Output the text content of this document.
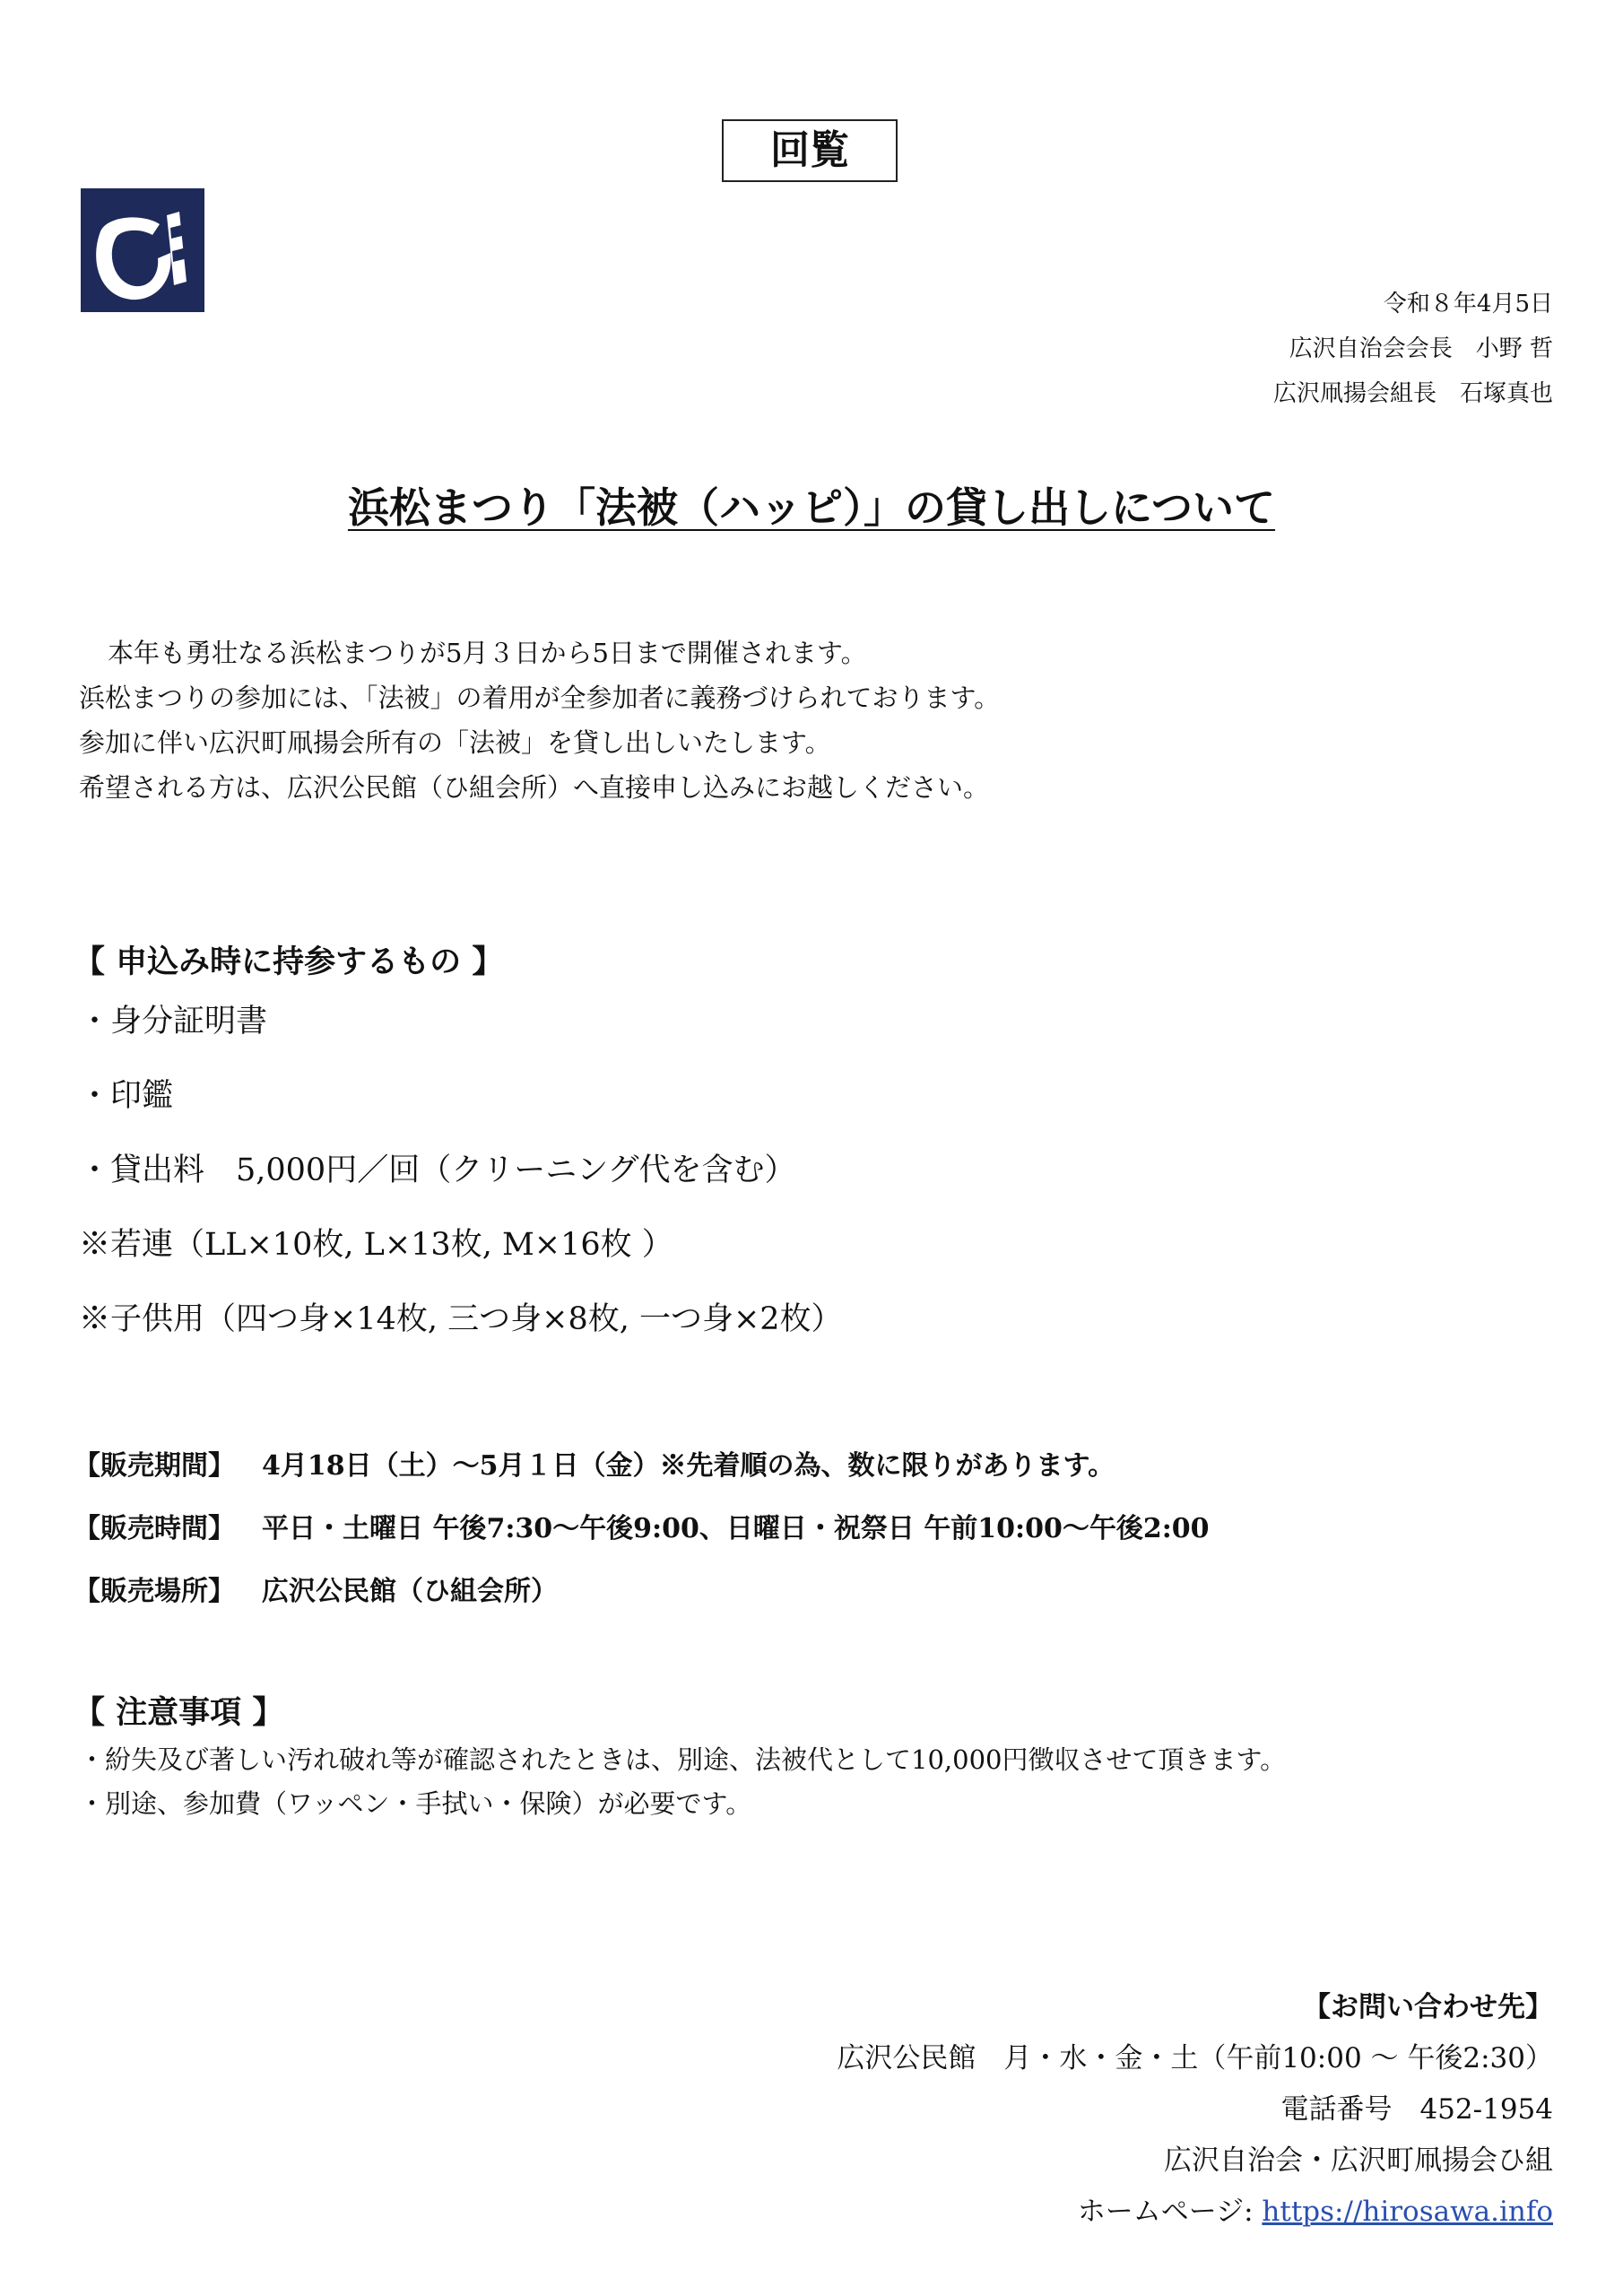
回覧
令和８年4月5日
広沢自治会会長　小野 哲
広沢凧揚会組長　石塚真也
浜松まつり「法被（ハッピ）」の貸し出しについて

本年も勇壮なる浜松まつりが5月３日から5日まで開催されます。

浜松まつりの参加には、「法被」の着用が全参加者に義務づけられております。

参加に伴い広沢町凧揚会所有の「法被」を貸し出しいたします。

希望される方は、広沢公民館（ひ組会所）へ直接申し込みにお越しください。

【 申込み時に持参するもの 】
・身分証明書
・印鑑
・貸出料　5,000円／回（クリーニング代を含む）
※若連（LL×10枚, L×13枚, M×16枚 ）
※子供用（四つ身×14枚, 三つ身×8枚, 一つ身×2枚）
【販売期間】 4月18日（土）～5月１日（金）※先着順の為、数に限りがあります。
【販売時間】 平日・土曜日 午後7:30～午後9:00、日曜日・祝祭日 午前10:00～午後2:00
【販売場所】 広沢公民館（ひ組会所）
【 注意事項 】
・紛失及び著しい汚れ破れ等が確認されたときは、別途、法被代として10,000円徴収させて頂きます。
・別途、参加費（ワッペン・手拭い・保険）が必要です。
【お問い合わせ先】
広沢公民館　月・水・金・土（午前10:00 ～ 午後2:30）
電話番号　452-1954
広沢自治会・広沢町凧揚会ひ組
ホームページ: https://hirosawa.info
